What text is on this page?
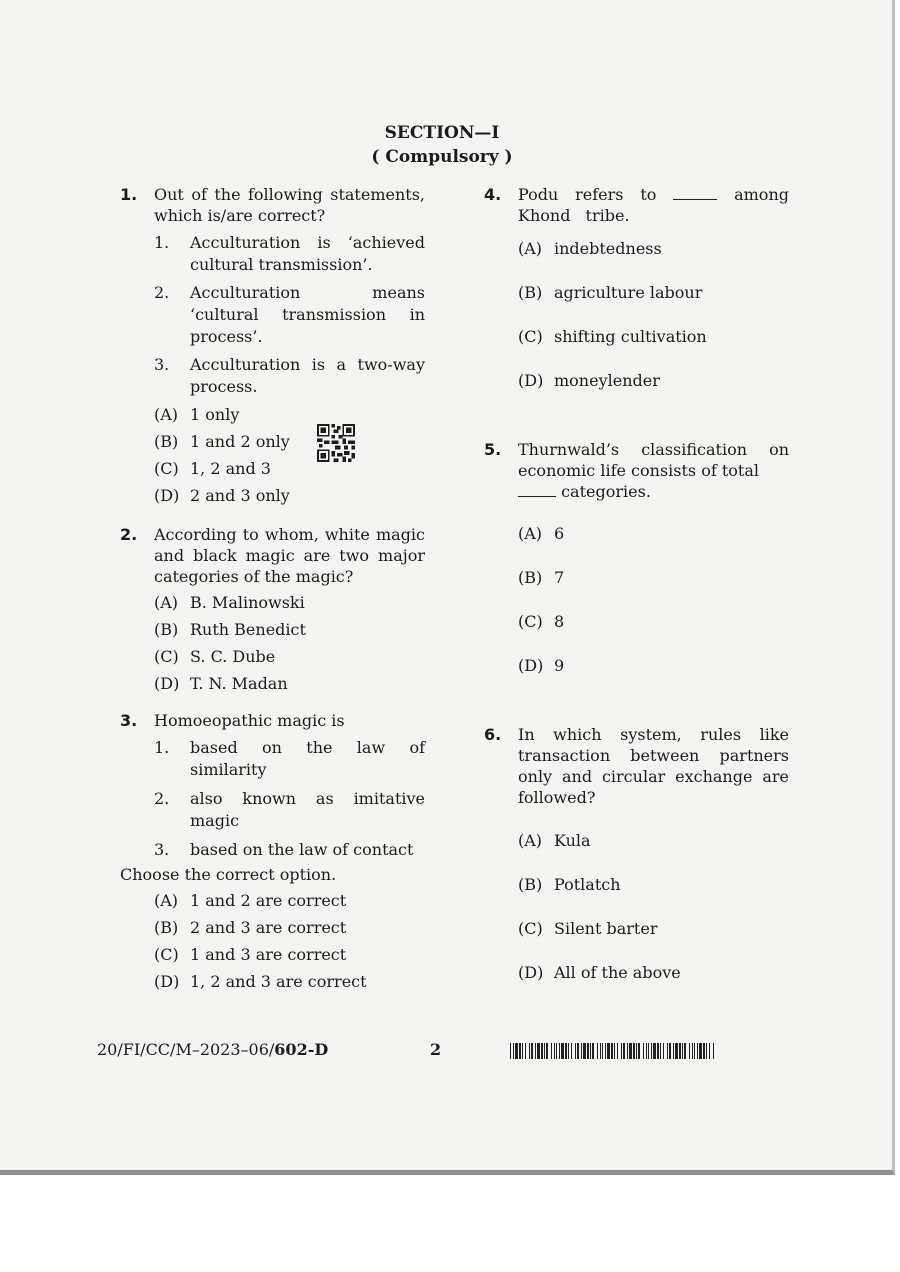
SECTION—I
( Compulsory )
1.	Out of the following statements, which is/are correct?
1.	Acculturation is ‘achieved cultural transmission’.
2.	Acculturation means ‘cultural transmission in process’.
3.	Acculturation is a two-way process.
(A) 1 only
(B) 1 and 2 only
(C) 1, 2 and 3
(D) 2 and 3 only
2.	According to whom, white magic and black magic are two major categories of the magic?
(A) B. Malinowski
(B) Ruth Benedict
(C) S. C. Dube
(D) T. N. Madan
3.	Homoeopathic magic is
1.	based on the law of similarity
2.	also known as imitative magic
3.	based on the law of contact
Choose the correct option.
(A) 1 and 2 are correct
(B) 2 and 3 are correct
(C) 1 and 3 are correct
(D) 1, 2 and 3 are correct
4.	Podu refers to	among Khond tribe.
(A) indebtedness
(B) agriculture labour
(C) shifting cultivation
(D) moneylender
5.	Thurnwald’s classification on economic life consists of total
categories.
(A) 6
(B) 7
(C) 8
(D) 9
6.	In which system, rules like transaction between partners only and circular exchange are followed?
(A) Kula
(B) Potlatch
(C) Silent barter
(D) All of the above
20/FI/CC/M–2023–06/602-D	2
